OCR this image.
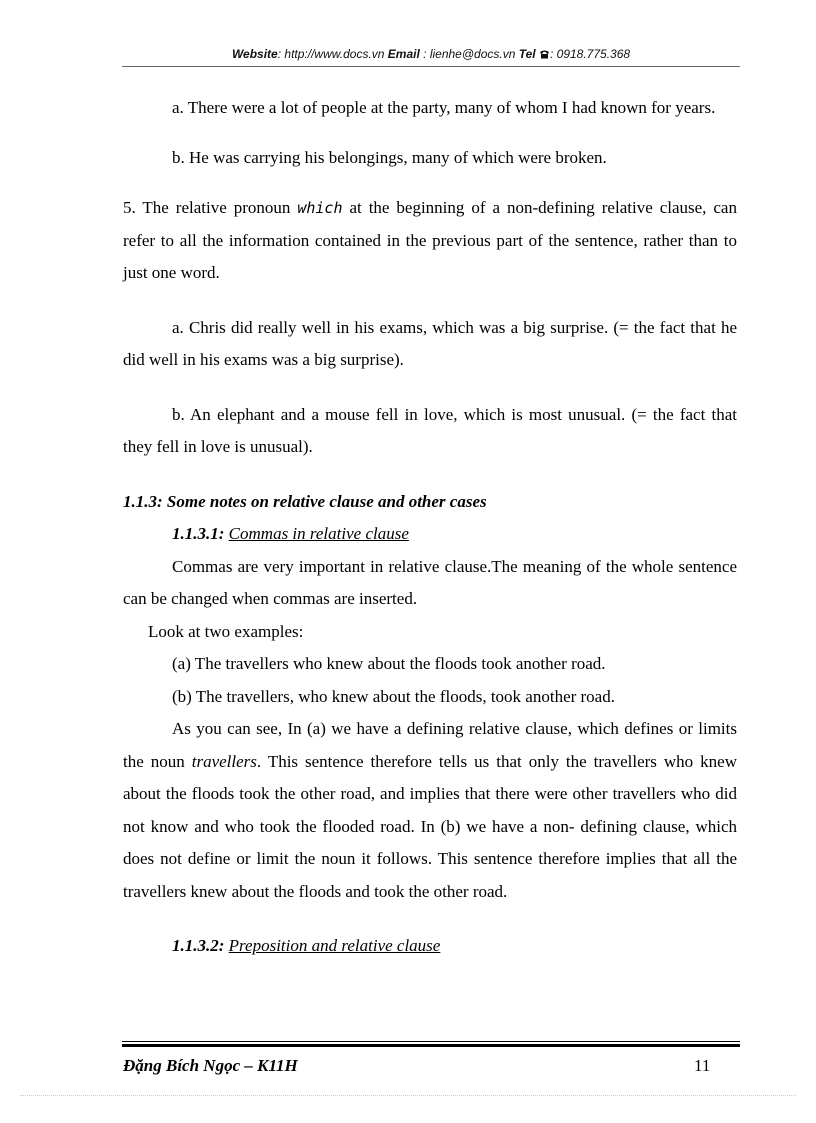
Website: http://www.docs.vn Email : lienhe@docs.vn Tel : 0918.775.368

a. There were a lot of people at the party, many of whom I had known for years.

b. He was carrying his belongings, many of which were broken.

5. The relative pronoun which at the beginning of a non-defining relative clause, can refer to all the information contained in the previous part of the sentence, rather than to just one word.

a. Chris did really well in his exams, which was a big surprise. (= the fact that he did well in his exams was a big surprise).

b. An elephant and a mouse fell in love, which is most unusual. (= the fact that they fell in love is unusual).

1.1.3: Some notes on relative clause and other cases

1.1.3.1: Commas in relative clause

Commas are very important in relative clause.The meaning of the whole sentence can be changed when commas are inserted.

Look at two examples:

(a) The travellers who knew about the floods took another road.

(b) The travellers, who knew about the floods, took another road.

As you can see, In (a) we have a defining relative clause, which defines or limits the noun travellers. This sentence therefore tells us that only the travellers who knew about the floods took the other road, and implies that there were other travellers who did not know and who took the flooded road. In (b) we have a non- defining clause, which does not define or limit the noun it follows. This sentence therefore implies that all the travellers knew about the floods and took the other road.

1.1.3.2: Preposition and relative clause

Đặng Bích Ngọc – K11H	11
